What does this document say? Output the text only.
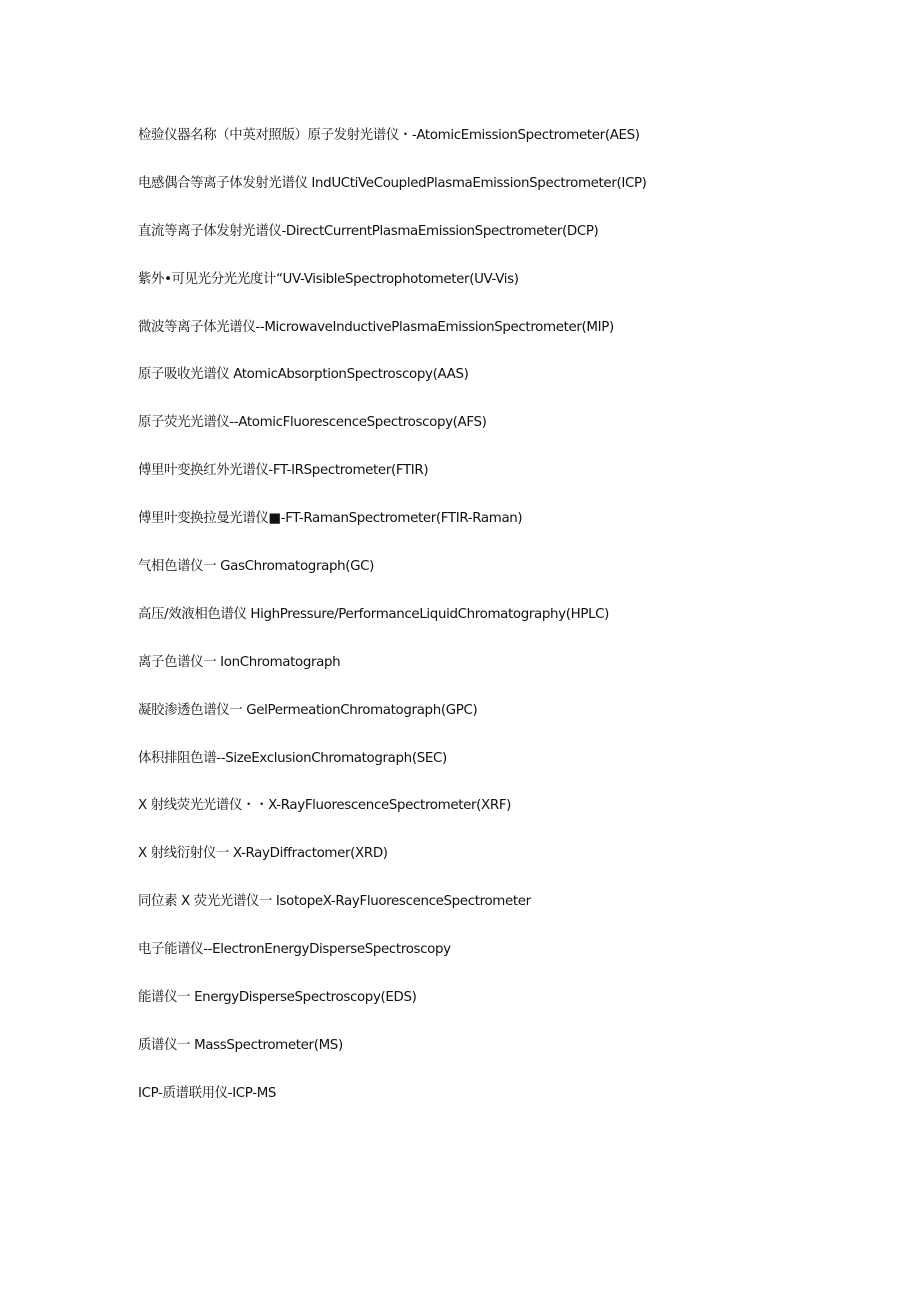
检验仪器名称（中英对照版）原子发射光谱仪・-AtomicEmissionSpectrometer(AES)
电感偶合等离子体发射光谱仪 IndUCtiVeCoupledPlasmaEmissionSpectrometer(ICP)
直流等离子体发射光谱仪-DirectCurrentPlasmaEmissionSpectrometer(DCP)
紫外•可见光分光光度计“UV-VisibleSpectrophotometer(UV-Vis)
微波等离子体光谱仪--MicrowaveInductivePlasmaEmissionSpectrometer(MIP)
原子吸收光谱仪 AtomicAbsorptionSpectroscopy(AAS)
原子荧光光谱仪--AtomicFluorescenceSpectroscopy(AFS)
傅里叶变换红外光谱仪-FT-IRSpectrometer(FTIR)
傅里叶变换拉曼光谱仪■-FT-RamanSpectrometer(FTIR-Raman)
气相色谱仪一 GasChromatograph(GC)
高压/效液相色谱仪 HighPressure/PerformanceLiquidChromatography(HPLC)
离子色谱仪一 IonChromatograph
凝胶渗透色谱仪一 GelPermeationChromatograph(GPC)
体积排阻色谱--SizeExclusionChromatograph(SEC)
X 射线荧光光谱仪・・X-RayFluorescenceSpectrometer(XRF)
X 射线衍射仪一 X-RayDiffractomer(XRD)
同位素 X 荧光光谱仪一 IsotopeX-RayFluorescenceSpectrometer
电子能谱仪--ElectronEnergyDisperseSpectroscopy
能谱仪一 EnergyDisperseSpectroscopy(EDS)
质谱仪一 MassSpectrometer(MS)
ICP-质谱联用仪-ICP-MS
